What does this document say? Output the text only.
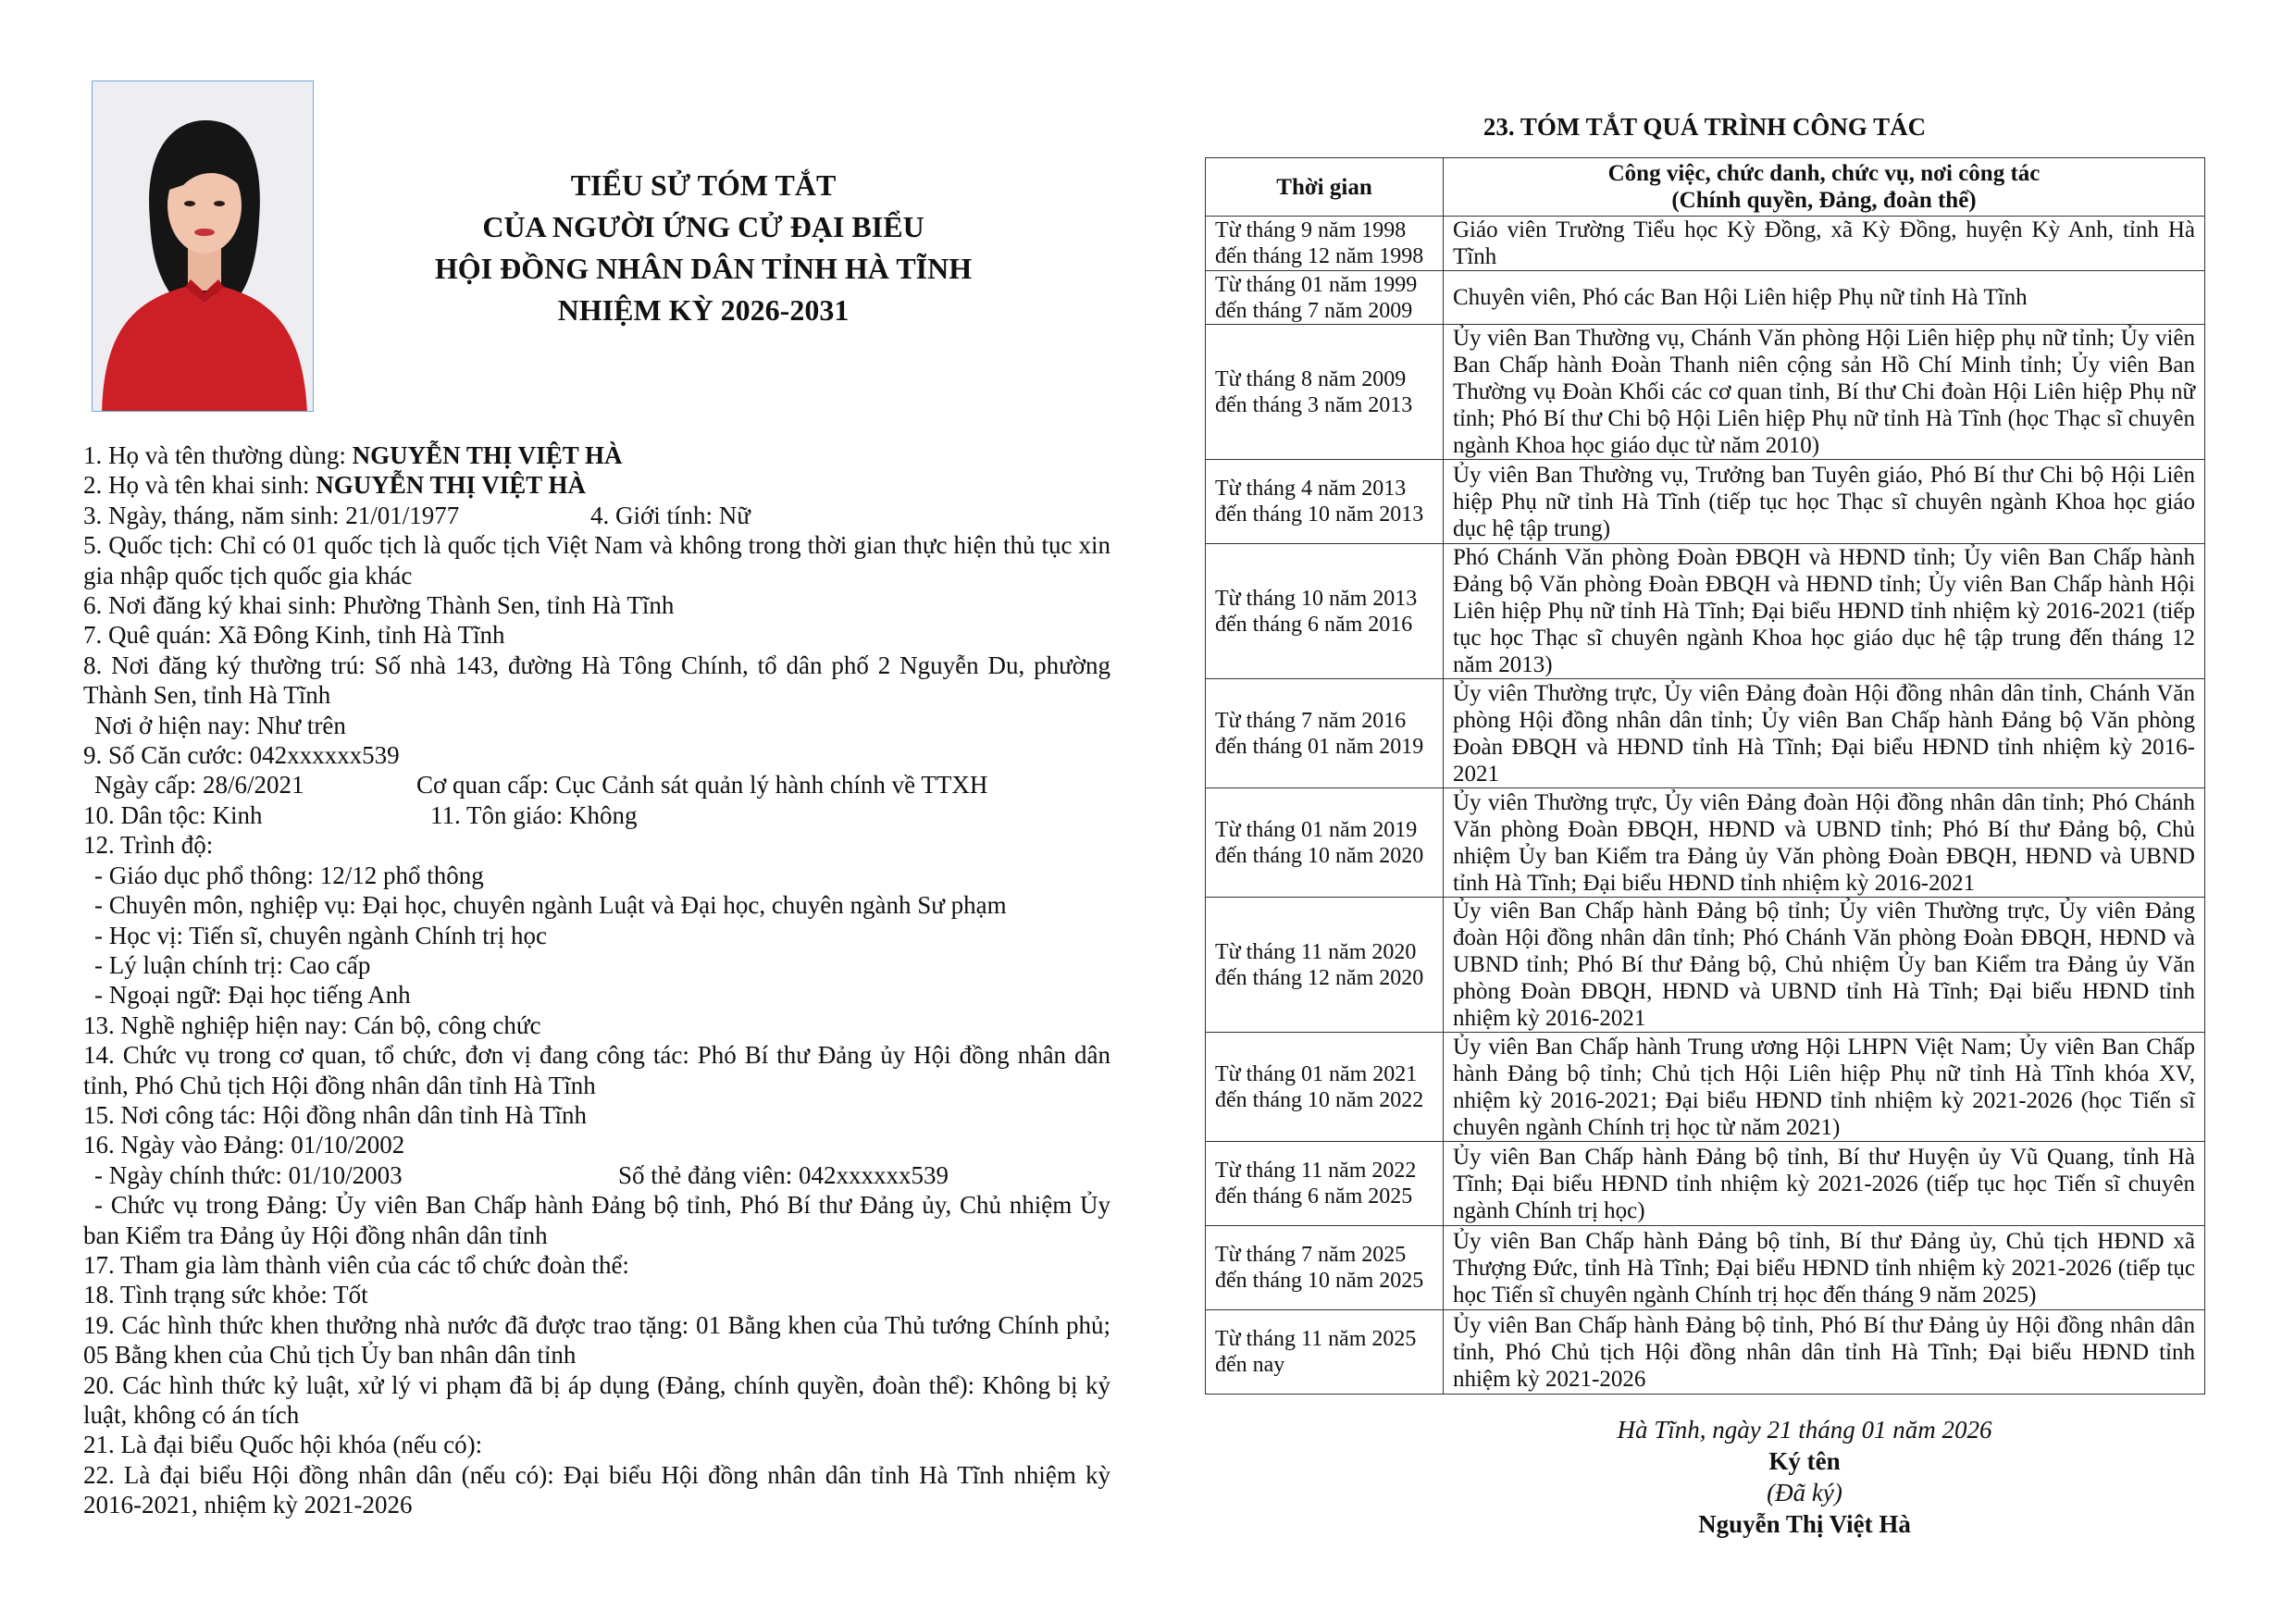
TIỂU SỬ TÓM TẮT
CỦA NGƯỜI ỨNG CỬ ĐẠI BIỂU
HỘI ĐỒNG NHÂN DÂN TỈNH HÀ TĨNH
NHIỆM KỲ 2026-2031
1. Họ và tên thường dùng: NGUYỄN THỊ VIỆT HÀ
2. Họ và tên khai sinh: NGUYỄN THỊ VIỆT HÀ
3. Ngày, tháng, năm sinh: 21/01/1977	4. Giới tính: Nữ
5. Quốc tịch: Chỉ có 01 quốc tịch là quốc tịch Việt Nam và không trong thời gian thực hiện thủ tục xin gia nhập quốc tịch quốc gia khác
6. Nơi đăng ký khai sinh: Phường Thành Sen, tỉnh Hà Tĩnh
7. Quê quán: Xã Đông Kinh, tỉnh Hà Tĩnh
8. Nơi đăng ký thường trú: Số nhà 143, đường Hà Tông Chính, tổ dân phố 2 Nguyễn Du, phường Thành Sen, tỉnh Hà Tĩnh
Nơi ở hiện nay: Như trên
9. Số Căn cước: 042xxxxxx539
Ngày cấp: 28/6/2021	Cơ quan cấp: Cục Cảnh sát quản lý hành chính về TTXH
10. Dân tộc: Kinh	11. Tôn giáo: Không
12. Trình độ:
- Giáo dục phổ thông: 12/12 phổ thông
- Chuyên môn, nghiệp vụ: Đại học, chuyên ngành Luật và Đại học, chuyên ngành Sư phạm
- Học vị: Tiến sĩ, chuyên ngành Chính trị học
- Lý luận chính trị: Cao cấp
- Ngoại ngữ: Đại học tiếng Anh
13. Nghề nghiệp hiện nay: Cán bộ, công chức
14. Chức vụ trong cơ quan, tổ chức, đơn vị đang công tác: Phó Bí thư Đảng ủy Hội đồng nhân dân tỉnh, Phó Chủ tịch Hội đồng nhân dân tỉnh Hà Tĩnh
15. Nơi công tác: Hội đồng nhân dân tỉnh Hà Tĩnh
16. Ngày vào Đảng: 01/10/2002
- Ngày chính thức: 01/10/2003	Số thẻ đảng viên: 042xxxxxx539
- Chức vụ trong Đảng: Ủy viên Ban Chấp hành Đảng bộ tỉnh, Phó Bí thư Đảng ủy, Chủ nhiệm Ủy ban Kiểm tra Đảng ủy Hội đồng nhân dân tỉnh
17. Tham gia làm thành viên của các tổ chức đoàn thể:
18. Tình trạng sức khỏe: Tốt
19. Các hình thức khen thưởng nhà nước đã được trao tặng: 01 Bằng khen của Thủ tướng Chính phủ; 05 Bằng khen của Chủ tịch Ủy ban nhân dân tỉnh
20. Các hình thức kỷ luật, xử lý vi phạm đã bị áp dụng (Đảng, chính quyền, đoàn thể): Không bị kỷ luật, không có án tích
21. Là đại biểu Quốc hội khóa (nếu có):
22. Là đại biểu Hội đồng nhân dân (nếu có): Đại biểu Hội đồng nhân dân tỉnh Hà Tĩnh nhiệm kỳ 2016-2021, nhiệm kỳ 2021-2026
23. TÓM TẮT QUÁ TRÌNH CÔNG TÁC
Thời gian	Công việc, chức danh, chức vụ, nơi công tác
(Chính quyền, Đảng, đoàn thể)

Từ tháng 9 năm 1998
đến tháng 12 năm 1998	Giáo viên Trường Tiểu học Kỳ Đồng, xã Kỳ Đồng, huyện Kỳ Anh, tỉnh Hà Tĩnh

Từ tháng 01 năm 1999
đến tháng 7 năm 2009	Chuyên viên, Phó các Ban Hội Liên hiệp Phụ nữ tỉnh Hà Tĩnh

Từ tháng 8 năm 2009
đến tháng 3 năm 2013	Ủy viên Ban Thường vụ, Chánh Văn phòng Hội Liên hiệp phụ nữ tỉnh; Ủy viên Ban Chấp hành Đoàn Thanh niên cộng sản Hồ Chí Minh tỉnh; Ủy viên Ban Thường vụ Đoàn Khối các cơ quan tỉnh, Bí thư Chi đoàn Hội Liên hiệp Phụ nữ tỉnh; Phó Bí thư Chi bộ Hội Liên hiệp Phụ nữ tỉnh Hà Tĩnh (học Thạc sĩ chuyên ngành Khoa học giáo dục từ năm 2010)

Từ tháng 4 năm 2013
đến tháng 10 năm 2013	Ủy viên Ban Thường vụ, Trưởng ban Tuyên giáo, Phó Bí thư Chi bộ Hội Liên hiệp Phụ nữ tỉnh Hà Tĩnh (tiếp tục học Thạc sĩ chuyên ngành Khoa học giáo dục hệ tập trung)

Từ tháng 10 năm 2013
đến tháng 6 năm 2016	Phó Chánh Văn phòng Đoàn ĐBQH và HĐND tỉnh; Ủy viên Ban Chấp hành Đảng bộ Văn phòng Đoàn ĐBQH và HĐND tỉnh; Ủy viên Ban Chấp hành Hội Liên hiệp Phụ nữ tỉnh Hà Tĩnh; Đại biểu HĐND tỉnh nhiệm kỳ 2016-2021 (tiếp tục học Thạc sĩ chuyên ngành Khoa học giáo dục hệ tập trung đến tháng 12 năm 2013)

Từ tháng 7 năm 2016
đến tháng 01 năm 2019	Ủy viên Thường trực, Ủy viên Đảng đoàn Hội đồng nhân dân tỉnh, Chánh Văn phòng Hội đồng nhân dân tỉnh; Ủy viên Ban Chấp hành Đảng bộ Văn phòng Đoàn ĐBQH và HĐND tỉnh Hà Tĩnh; Đại biểu HĐND tỉnh nhiệm kỳ 2016-2021

Từ tháng 01 năm 2019
đến tháng 10 năm 2020	Ủy viên Thường trực, Ủy viên Đảng đoàn Hội đồng nhân dân tỉnh; Phó Chánh Văn phòng Đoàn ĐBQH, HĐND và UBND tỉnh; Phó Bí thư Đảng bộ, Chủ nhiệm Ủy ban Kiểm tra Đảng ủy Văn phòng Đoàn ĐBQH, HĐND và UBND tỉnh Hà Tĩnh; Đại biểu HĐND tỉnh nhiệm kỳ 2016-2021

Từ tháng 11 năm 2020
đến tháng 12 năm 2020	Ủy viên Ban Chấp hành Đảng bộ tỉnh; Ủy viên Thường trực, Ủy viên Đảng đoàn Hội đồng nhân dân tỉnh; Phó Chánh Văn phòng Đoàn ĐBQH, HĐND và UBND tỉnh; Phó Bí thư Đảng bộ, Chủ nhiệm Ủy ban Kiểm tra Đảng ủy Văn phòng Đoàn ĐBQH, HĐND và UBND tỉnh Hà Tĩnh; Đại biểu HĐND tỉnh nhiệm kỳ 2016-2021

Từ tháng 01 năm 2021
đến tháng 10 năm 2022	Ủy viên Ban Chấp hành Trung ương Hội LHPN Việt Nam; Ủy viên Ban Chấp hành Đảng bộ tỉnh; Chủ tịch Hội Liên hiệp Phụ nữ tỉnh Hà Tĩnh khóa XV, nhiệm kỳ 2016-2021; Đại biểu HĐND tỉnh nhiệm kỳ 2021-2026 (học Tiến sĩ chuyên ngành Chính trị học từ năm 2021)

Từ tháng 11 năm 2022
đến tháng 6 năm 2025	Ủy viên Ban Chấp hành Đảng bộ tỉnh, Bí thư Huyện ủy Vũ Quang, tỉnh Hà Tĩnh; Đại biểu HĐND tỉnh nhiệm kỳ 2021-2026 (tiếp tục học Tiến sĩ chuyên ngành Chính trị học)

Từ tháng 7 năm 2025
đến tháng 10 năm 2025	Ủy viên Ban Chấp hành Đảng bộ tỉnh, Bí thư Đảng ủy, Chủ tịch HĐND xã Thượng Đức, tỉnh Hà Tĩnh; Đại biểu HĐND tỉnh nhiệm kỳ 2021-2026 (tiếp tục học Tiến sĩ chuyên ngành Chính trị học đến tháng 9 năm 2025)

Từ tháng 11 năm 2025
đến nay	Ủy viên Ban Chấp hành Đảng bộ tỉnh, Phó Bí thư Đảng ủy Hội đồng nhân dân tỉnh, Phó Chủ tịch Hội đồng nhân dân tỉnh Hà Tĩnh; Đại biểu HĐND tỉnh nhiệm kỳ 2021-2026
Hà Tĩnh, ngày 21 tháng 01 năm 2026
Ký tên
(Đã ký)
Nguyễn Thị Việt Hà
